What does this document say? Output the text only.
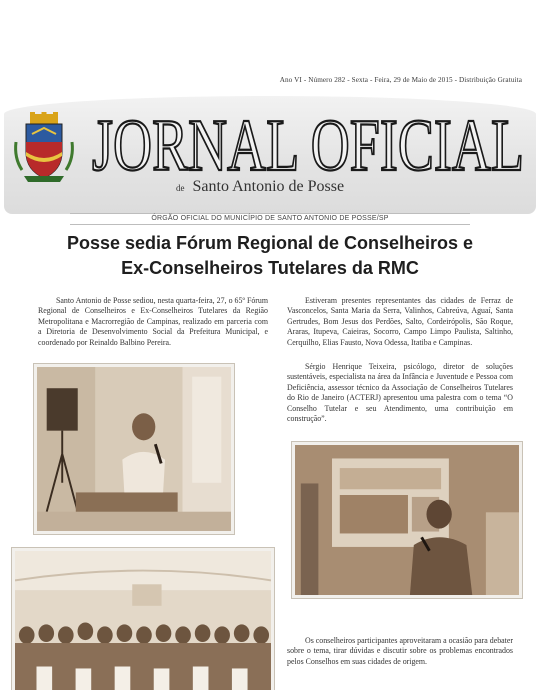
Ano VI - Número 282 - Sexta - Feira, 29 de Maio de 2015 - Distribuição Gratuita
JORNAL OFICIAL
de Santo Antonio de Posse
ÓRGÃO OFICIAL DO MUNICÍPIO DE SANTO ANTONIO DE POSSE/SP
Posse sedia Fórum Regional de Conselheiros e
Ex-Conselheiros Tutelares da RMC

Santo Antonio de Posse sediou, nesta quarta-feira, 27, o 65º Fórum Regional de Conselheiros e Ex-Conselheiros Tutelares da Região Metropolitana e Macrorregião de Campinas, realizado em parceria com a Diretoria de Desenvolvimento Social da Prefeitura Municipal, e coordenado por Reinaldo Balbino Pereira.

Estiveram presentes representantes das cidades de Ferraz de Vasconcelos, Santa Maria da Serra, Valinhos, Cabreúva, Aguaí, Santa Gertrudes, Bom Jesus dos Perdões, Salto, Cordeirópolis, São Roque, Araras, Itupeva, Caieiras, Socorro, Campo Limpo Paulista, Saltinho, Cerquilho, Elias Fausto, Nova Odessa, Itatiba e Campinas.

Sérgio Henrique Teixeira, psicólogo, diretor de soluções sustentáveis, especialista na área da Infância e Juventude e Pessoa com Deficiência, assessor técnico da Associação de Conselheiros Tutelares do Rio de Janeiro (ACTERJ) apresentou uma palestra com o tema “O Conselho Tutelar e seu Atendimento, uma contribuição em construção”.

Os conselheiros participantes aproveitaram a ocasião para debater sobre o tema, tirar dúvidas e discutir sobre os problemas encontrados pelos Conselhos em suas cidades de origem.
